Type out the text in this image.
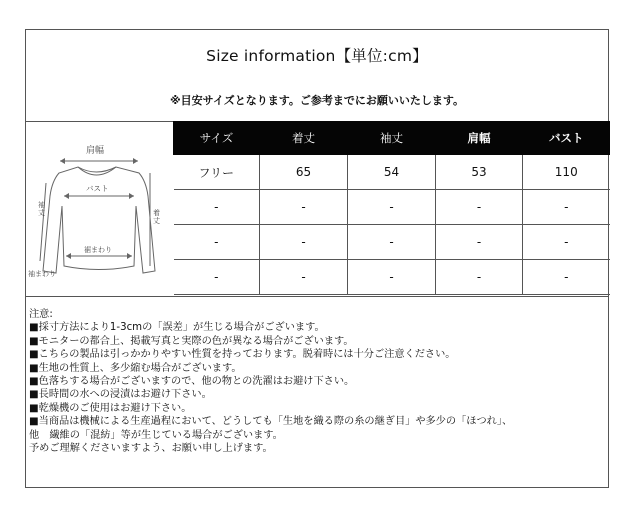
Size information【単位:cm】
※目安サイズとなります。ご参考までにお願いいたします。
肩幅
バスト
袖丈	着丈
裾まわり
袖まわり
サイズ	着丈	袖丈	肩幅	バスト
フリー	65	54	53	110
-	-	-	-	-
-	-	-	-	-
-	-	-	-	-
注意:
■採寸方法により1-3cmの「誤差」が生じる場合がございます。
■モニターの都合上、掲載写真と実際の色が異なる場合がございます。
■こちらの製品は引っかかりやすい性質を持っております。脱着時には十分ご注意ください。
■生地の性質上、多少縮む場合がございます。
■色落ちする場合がございますので、他の物との洗濯はお避け下さい。
■長時間の水への浸漬はお避け下さい。
■乾燥機のご使用はお避け下さい。
■当商品は機械による生産過程において、どうしても「生地を織る際の糸の継ぎ目」や多少の「ほつれ」、
他　繊維の「混紡」等が生じている場合がございます。
予めご理解くださいますよう、お願い申し上げます。
